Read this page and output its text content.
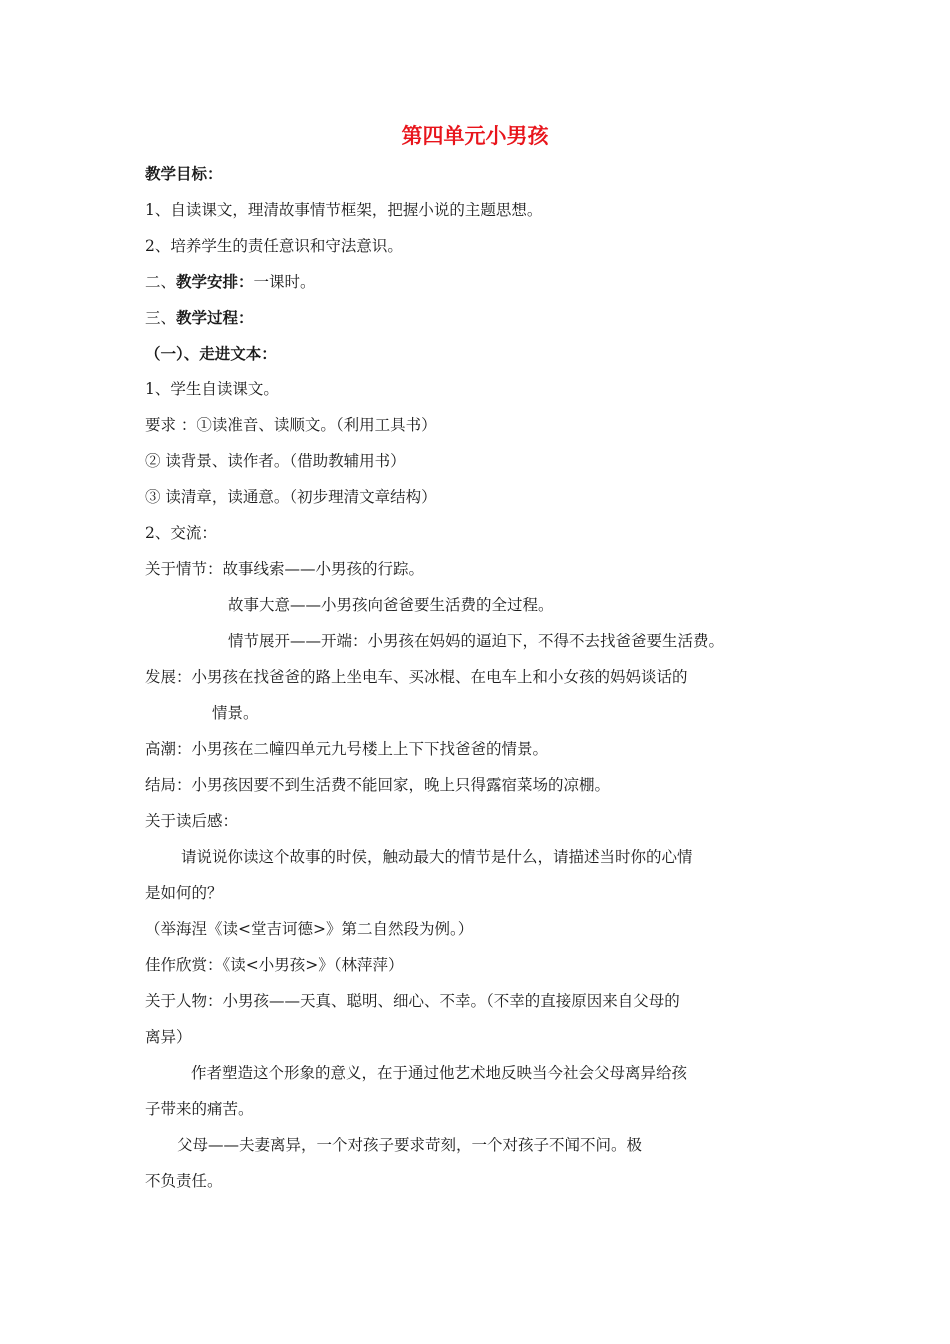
第四单元小男孩

教学目标：

1、自读课文，理清故事情节框架，把握小说的主题思想。

2、培养学生的责任意识和守法意识。

二、教学安排：一课时。

三、教学过程：

（一）、走进文本：

1、学生自读课文。

要求 ：①读准音、读顺文。（利用工具书）

② 读背景、读作者。（借助教辅用书）

③ 读清章，读通意。（初步理清文章结构）

2、交流：

关于情节：故事线索——小男孩的行踪。

故事大意——小男孩向爸爸要生活费的全过程。

情节展开——开端：小男孩在妈妈的逼迫下，不得不去找爸爸要生活费。

发展：小男孩在找爸爸的路上坐电车、买冰棍、在电车上和小女孩的妈妈谈话的

情景。

高潮：小男孩在二幢四单元九号楼上上下下找爸爸的情景。

结局：小男孩因要不到生活费不能回家，晚上只得露宿菜场的凉棚。

关于读后感：

请说说你读这个故事的时侯，触动最大的情节是什么，请描述当时你的心情

是如何的？

（举海涅《读<堂吉诃德>》第二自然段为例。）

佳作欣赏：《读<小男孩>》（林萍萍）

关于人物：小男孩——天真、聪明、细心、不幸。（不幸的直接原因来自父母的

离异）

作者塑造这个形象的意义，在于通过他艺术地反映当今社会父母离异给孩

子带来的痛苦。

父母——夫妻离异，一个对孩子要求苛刻，一个对孩子不闻不问。极

不负责任。
